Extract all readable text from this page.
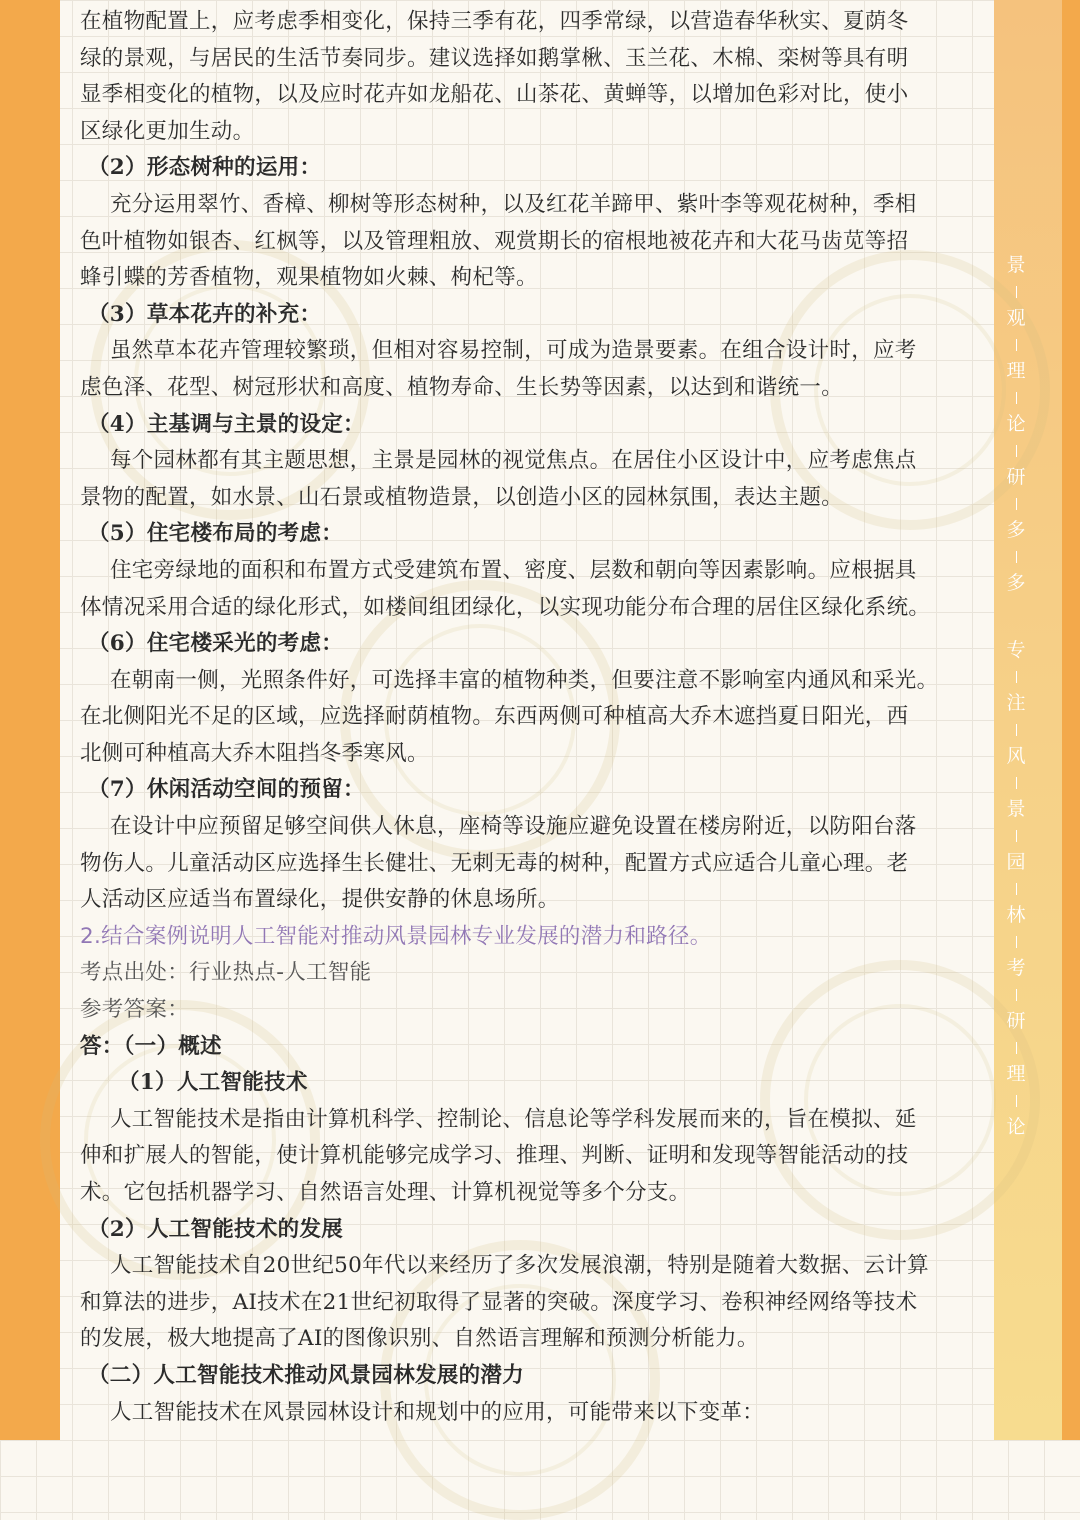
在植物配置上，应考虑季相变化，保持三季有花，四季常绿，以营造春华秋实、夏荫冬
绿的景观，与居民的生活节奏同步。建议选择如鹅掌楸、玉兰花、木棉、栾树等具有明
显季相变化的植物，以及应时花卉如龙船花、山茶花、黄蝉等，以增加色彩对比，使小
区绿化更加生动。
（2）形态树种的运用：
充分运用翠竹、香樟、柳树等形态树种，以及红花羊蹄甲、紫叶李等观花树种，季相
色叶植物如银杏、红枫等，以及管理粗放、观赏期长的宿根地被花卉和大花马齿苋等招
蜂引蝶的芳香植物，观果植物如火棘、枸杞等。
（3）草本花卉的补充：
虽然草本花卉管理较繁琐，但相对容易控制，可成为造景要素。在组合设计时，应考
虑色泽、花型、树冠形状和高度、植物寿命、生长势等因素，以达到和谐统一。
（4）主基调与主景的设定：
每个园林都有其主题思想，主景是园林的视觉焦点。在居住小区设计中，应考虑焦点
景物的配置，如水景、山石景或植物造景，以创造小区的园林氛围，表达主题。
（5）住宅楼布局的考虑：
住宅旁绿地的面积和布置方式受建筑布置、密度、层数和朝向等因素影响。应根据具
体情况采用合适的绿化形式，如楼间组团绿化，以实现功能分布合理的居住区绿化系统。
（6）住宅楼采光的考虑：
在朝南一侧，光照条件好，可选择丰富的植物种类，但要注意不影响室内通风和采光。
在北侧阳光不足的区域，应选择耐荫植物。东西两侧可种植高大乔木遮挡夏日阳光，西
北侧可种植高大乔木阻挡冬季寒风。
（7）休闲活动空间的预留：
在设计中应预留足够空间供人休息，座椅等设施应避免设置在楼房附近，以防阳台落
物伤人。儿童活动区应选择生长健壮、无刺无毒的树种，配置方式应适合儿童心理。老
人活动区应适当布置绿化，提供安静的休息场所。
2.结合案例说明人工智能对推动风景园林专业发展的潜力和路径。
考点出处：行业热点-人工智能
参考答案：
答：（一）概述
（1）人工智能技术
人工智能技术是指由计算机科学、控制论、信息论等学科发展而来的，旨在模拟、延
伸和扩展人的智能，使计算机能够完成学习、推理、判断、证明和发现等智能活动的技
术。它包括机器学习、自然语言处理、计算机视觉等多个分支。
（2）人工智能技术的发展
人工智能技术自20世纪50年代以来经历了多次发展浪潮，特别是随着大数据、云计算
和算法的进步，AI技术在21世纪初取得了显著的突破。深度学习、卷积神经网络等技术
的发展，极大地提高了AI的图像识别、自然语言理解和预测分析能力。
（二）人工智能技术推动风景园林发展的潜力
人工智能技术在风景园林设计和规划中的应用，可能带来以下变革：
景
观
理
论
研
多
多
专
注
风
景
园
林
考
研
理
论
